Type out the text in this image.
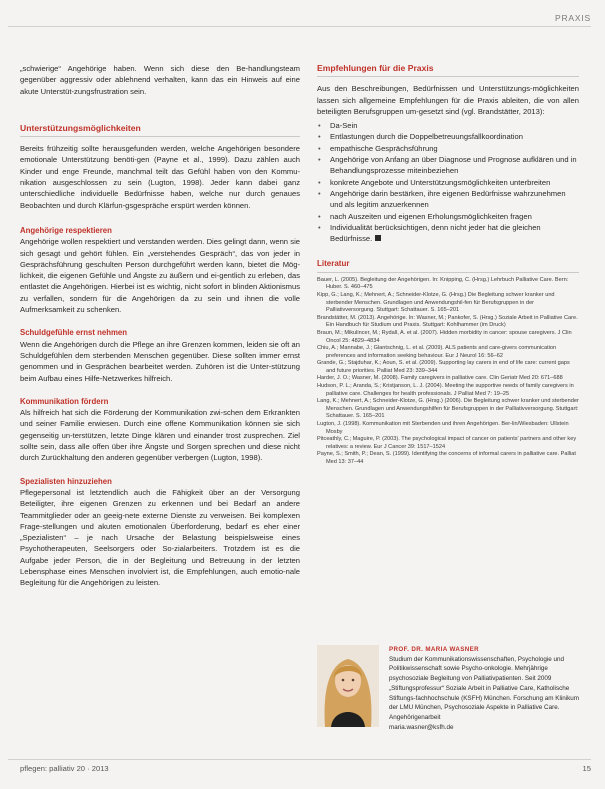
PRAXIS

„schwierige“ Angehörige haben. Wenn sich diese den Be-handlungsteam gegenüber aggressiv oder ablehnend verhalten, kann das ein Hinweis auf eine akute Unterstüt-zungsfrustration sein.

Unterstützungsmöglichkeiten

Bereits frühzeitig sollte herausgefunden werden, welche Angehörigen besondere emotionale Unterstützung benöti-gen (Payne et al., 1999). Dazu zählen auch Kinder und enge Freunde, manchmal teilt das Gefühl haben von den Kommu-nikation ausgeschlossen zu sein (Lugton, 1998). Jeder kann dabei ganz unterschiedliche individuelle Bedürfnisse haben, welche nur durch genaues Beobachten und durch Klärfun-gsgespräche erspürt werden können.

Angehörige respektieren

Angehörige wollen respektiert und verstanden werden. Dies gelingt dann, wenn sie sich gesagt und gehört fühlen. Ein „verstehendes Gespräch“, das von jeder in Gesprächsführung geschulten Person durchgeführt werden kann, bietet die Mög-lichkeit, die eigenen Gefühle und Ängste zu äußern und ei-gentlich zu erleben, das entlastet die Angehörigen. Hierbei ist es wichtig, nicht sofort in blinden Aktionismus zu verfallen, sondern für die Angehörigen da zu sein und ihnen die volle Aufmerksamkeit zu schenken.

Schuldgefühle ernst nehmen

Wenn die Angehörigen durch die Pflege an ihre Grenzen kommen, leiden sie oft an Schuldgefühlen dem sterbenden Menschen gegenüber. Diese sollten immer ernst genommen und in Gesprächen bearbeitet werden. Zuhören ist die Unter-stützung beim Aufbau eines Hilfe-Netzwerkes hilfreich.

Kommunikation fördern

Als hilfreich hat sich die Förderung der Kommunikation zwi-schen dem Erkrankten und seiner Familie erwiesen. Durch eine offene Kommunikation können sie sich gegenseitig un-terstützen, letzte Dinge klären und einander trost zusprechen. Ziel sollte sein, dass alle offen über ihre Ängste und Sorgen sprechen und diese nicht durch Zurückhaltung den anderen gegenüber verbergen (Lugton, 1998).

Spezialisten hinzuziehen

Pflegepersonal ist letztendlich auch die Fähigkeit über an der Versorgung Beteiligter, ihre eigenen Grenzen zu erkennen und bei Bedarf an andere Teammitglieder oder an geeig-nete externe Dienste zu verweisen. Bei komplexen Frage-stellungen und akuten emotionalen Überforderung, bedarf es eher einer „Spezialisten“ – je nach Ursache der Belastung beispielsweise eines Psychotherapeuten, Seelsorgers oder So-zialarbeiters. Trotzdem ist es die Aufgabe jeder Person, die in der Begleitung und Betreuung in der letzten Lebensphase eines Menschen involviert ist, die Empfehlungen, auch emotio-nale Begleitung für die Angehörigen zu leisten.

Empfehlungen für die Praxis

Aus den Beschreibungen, Bedürfnissen und Unterstützungs-möglichkeiten lassen sich allgemeine Empfehlungen für die Praxis ableiten, die von allen beteiligten Berufsgruppen um-gesetzt sind (vgl. Brandstätter, 2013):

• Da-Sein
• Entlastungen durch die Doppelbetreuungsfallkoordination
• empathische Gesprächsführung
• Angehörige von Anfang an über Diagnose und Prognose aufklären und in Behandlungsprozesse miteinbeziehen
• konkrete Angebote und Unterstützungsmöglichkeiten unterbreiten
• Angehörige darin bestärken, ihre eigenen Bedürfnisse wahrzunehmen und als legitim anzuerkennen
• nach Auszeiten und eigenen Erholungsmöglichkeiten fragen
• Individualität berücksichtigen, denn nicht jeder hat die gleichen Bedürfnisse.
Literatur
Bauer, L. (2005). Begleitung der Angehörigen. In: Knipping, C. (Hrsg.) Lehrbuch Palliative Care. Bern: Huber. S. 460–475
Kipp, G.; Lang, K.; Mehnert, A.; Schneider-Klotze, G. (Hrsg.) Die Begleitung schwer kranker und sterbender Menschen. Grundlagen und Anwendungshil-fen für Berufsgruppen in der Palliativversorgung. Stuttgart: Schattauer. S. 165–201
Brandstätter, M. (2013). Angehörige. In: Wasner, M.; Pankofer, S. (Hrsg.) Soziale Arbeit in Palliative Care. Ein Handbuch für Studium und Praxis. Stuttgart: Kohlhammer (im Druck)
Braun, M.; Mikulincer, M.; Rydall, A. et al. (2007). Hidden morbidity in cancer: spouse caregivers. J Clin Oncol 25: 4829–4834
Chiu, A.; Mannabe, J.; Glantschnig, L. et al. (2009). ALS patients and care-givers communication preferences and information seeking behaviour. Eur J Neurol 16: 56–62
Grande, G.; Stajduhar, K.; Aoun, S. et al. (2009). Supporting lay carers in end of life care: current gaps and future priorities. Palliat Med 23: 339–344
Harder, J. O.; Wasner, M. (2008). Family caregivers in palliative care. Clin Geriatr Med 20: 671–688
Hudson, P. L.; Aranda, S.; Kristjanson, L. J. (2004). Meeting the supportive needs of family caregivers in palliative care. Challenges for health professionals. J Palliat Med 7: 19–25
Lang, K.; Mehnert, A.; Schneider-Klotze, G. (Hrsg.) (2006). Die Begleitung schwer kranker und sterbender Menschen. Grundlagen und Anwendungshilfen für Berufsgruppen in der Palliativversorgung. Stuttgart: Schattauer. S. 165–201
Lugton, J. (1998). Kommunikation mit Sterbenden und ihren Angehörigen. Ber-lin/Wiesbaden: Ullstein Mosby
Pitceathly, C.; Maguire, P. (2003). The psychological impact of cancer on patients' partners and other key relatives: a review. Eur J Cancer 39: 1517–1524
Payne, S.; Smith, P.; Dean, S. (1999). Identifying the concerns of informal carers in palliative care. Palliat Med 13: 37–44
PROF. DR. MARIA WASNER
Studium der Kommunikationswissenschaften, Psychologie und Politikwissenschaft sowie Psycho-onkologie. Mehrjährige psychosoziale Begleitung von Palliativpatienten. Seit 2009 „Stiftungsprofessur“ Soziale Arbeit in Palliative Care, Katholische Stiftungs-fachhochschule (KSFH) München. Forschung am Klinikum der LMU München, Psychosoziale Aspekte in Palliative Care. Angehörigenarbeit
maria.wasner@ksfh.de
pflegen: palliativ 20 · 2013	15
